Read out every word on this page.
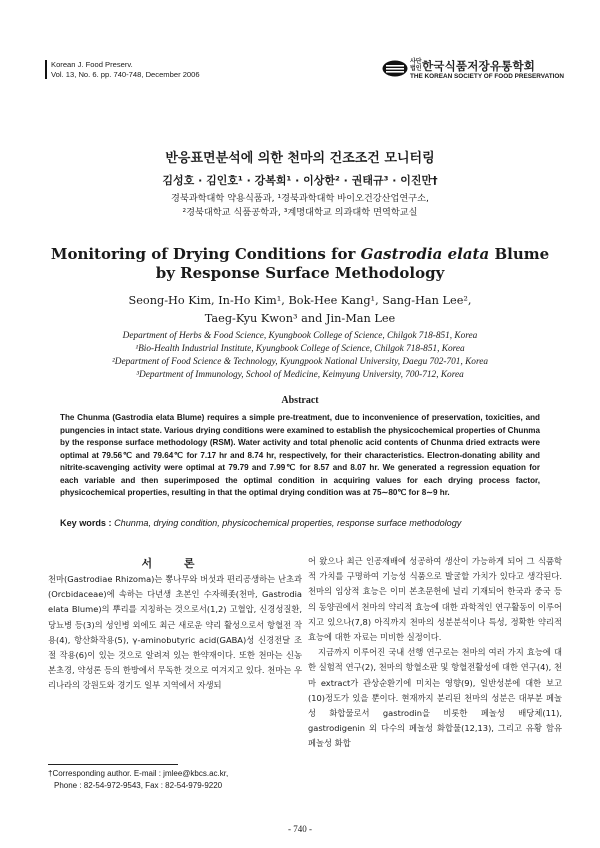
Korean J. Food Preserv.
Vol. 13, No. 6. pp. 740-748, December 2006
사단
법인 한국식품저장유통학회
THE KOREAN SOCIETY OF FOOD PRESERVATION
반응표면분석에 의한 천마의 건조조건 모니터링
김성호 · 김인호¹ · 강복희¹ · 이상한² · 권태규³ · 이진만†
경북과학대학 약용식품과, ¹경북과학대학 바이오건강산업연구소,
²경북대학교 식품공학과, ³계명대학교 의과대학 면역학교실
Monitoring of Drying Conditions for Gastrodia elata Blume by Response Surface Methodology
Seong-Ho Kim, In-Ho Kim¹, Bok-Hee Kang¹, Sang-Han Lee²,
Taeg-Kyu Kwon³ and Jin-Man Lee
Department of Herbs & Food Science, Kyungbook College of Science, Chilgok 718-851, Korea
¹Bio-Health Industrial Institute, Kyungbook College of Science, Chilgok 718-851, Korea
²Department of Food Science & Technology, Kyungpook National University, Daegu 702-701, Korea
³Department of Immunology, School of Medicine, Keimyung University, 700-712, Korea
Abstract
The Chunma (Gastrodia elata Blume) requires a simple pre-treatment, due to inconvenience of preservation, toxicities, and pungencies in intact state. Various drying conditions were examined to establish the physicochemical properties of Chunma by the response surface methodology (RSM). Water activity and total phenolic acid contents of Chunma dried extracts were optimal at 79.56℃ and 79.64℃ for 7.17 hr and 8.74 hr, respectively, for their characteristics. Electron-donating ability and nitrite-scavenging activity were optimal at 79.79 and 7.99℃ for 8.57 and 8.07 hr. We generated a regression equation for each variable and then superimposed the optimal condition in acquiring values for each drying process factor, physicochemical properties, resulting in that the optimal drying condition was at 75∼80℃ for 8∼9 hr.
Key words : Chunma, drying condition, physicochemical properties, response surface methodology
서 론
천마(Gastrodiae Rhizoma)는 뽕나무와 버섯과 편리공생하는 난초과(Orcbidaceae)에 속하는 다년생 초본인 수자해좃(천마, Gastrodia elata Blume)의 뿌리를 지칭하는 것으로서(1,2) 고혈압, 신경성질환, 당뇨병 등(3)의 성인병 외에도 최근 새로운 약리 활성으로서 항혈전 작용(4), 항산화작용(5), γ-aminobutyric acid(GABA)성 신경전달 조절 작용(6)이 있는 것으로 알려져 있는 한약재이다. 또한 천마는 신농본초경, 약성론 등의 한방에서 무독한 것으로 여겨지고 있다. 천마는 우리나라의 강원도와 경기도 일부 지역에서 자생되
어 왔으나 최근 인공재배에 성공하여 생산이 가능하게 되어 그 식품학적 가치를 구명하여 기능성 식품으로 발굴할 가치가 있다고 생각된다. 천마의 임상적 효능은 이미 본초문헌에 널리 기재되어 한국과 중국 등의 동양권에서 천마의 약리적 효능에 대한 과학적인 연구활동이 이루어지고 있으나(7,8) 아직까지 천마의 성분분석이나 특성, 정확한 약리적 효능에 대한 자료는 미비한 실정이다.
지금까지 이루어진 국내 선행 연구로는 천마의 여러 가지 효능에 대한 실험적 연구(2), 천마의 항혈소판 및 항혈전활성에 대한 연구(4), 천마 extract가 관상순환기에 미치는 영향(9), 일반성분에 대한 보고(10)정도가 있을 뿐이다. 현재까지 분리된 천마의 성분은 대부분 페놀성 화합물로서 gastrodin을 비롯한 페놀성 배당체(11), gastrodigenin 외 다수의 페놀성 화합물(12,13), 그리고 유황 함유 페놀성 화합
†Corresponding author. E-mail : jmlee@kbcs.ac.kr,
Phone : 82-54-972-9543, Fax : 82-54-979-9220
- 740 -
